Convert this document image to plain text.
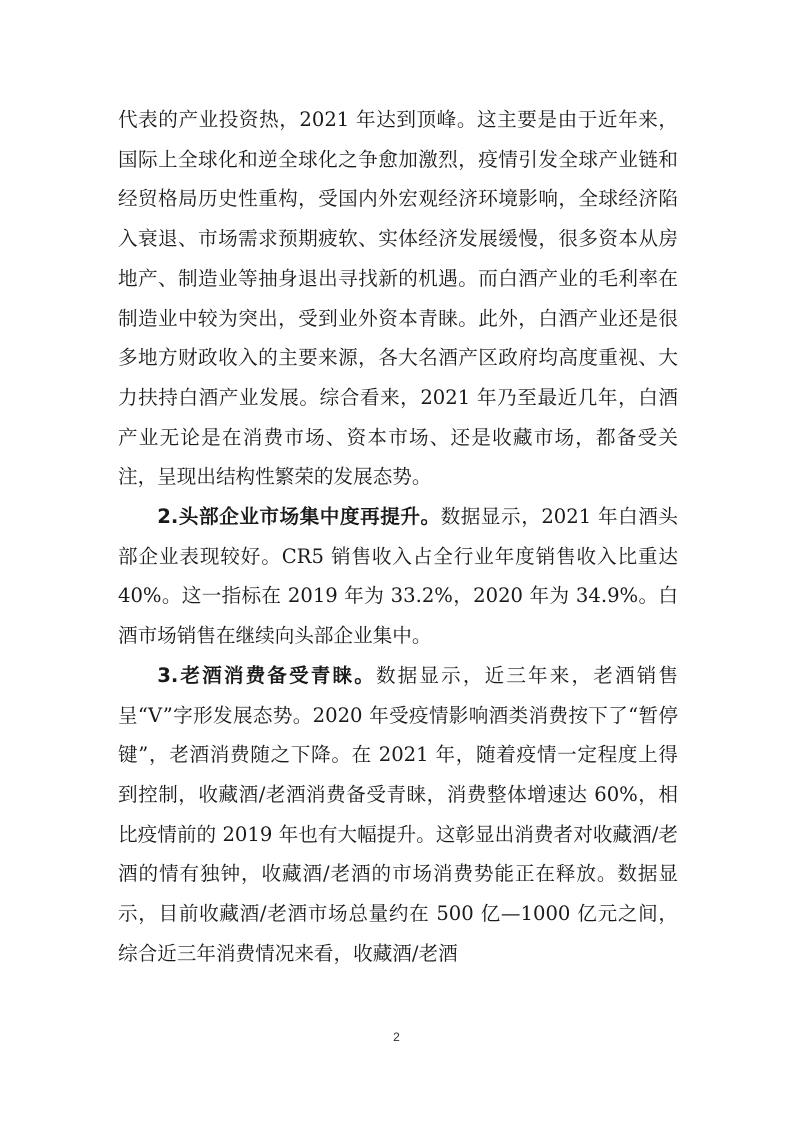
代表的产业投资热，2021 年达到顶峰。这主要是由于近年来，国际上全球化和逆全球化之争愈加激烈，疫情引发全球产业链和经贸格局历史性重构，受国内外宏观经济环境影响，全球经济陷入衰退、市场需求预期疲软、实体经济发展缓慢，很多资本从房地产、制造业等抽身退出寻找新的机遇。而白酒产业的毛利率在制造业中较为突出，受到业外资本青睐。此外，白酒产业还是很多地方财政收入的主要来源，各大名酒产区政府均高度重视、大力扶持白酒产业发展。综合看来，2021 年乃至最近几年，白酒产业无论是在消费市场、资本市场、还是收藏市场，都备受关注，呈现出结构性繁荣的发展态势。

2.头部企业市场集中度再提升。数据显示，2021 年白酒头部企业表现较好。CR5 销售收入占全行业年度销售收入比重达 40%。这一指标在 2019 年为 33.2%，2020 年为 34.9%。白酒市场销售在继续向头部企业集中。

3.老酒消费备受青睐。数据显示，近三年来，老酒销售呈“V”字形发展态势。2020 年受疫情影响酒类消费按下了“暂停键”，老酒消费随之下降。在 2021 年，随着疫情一定程度上得到控制，收藏酒/老酒消费备受青睐，消费整体增速达 60%，相比疫情前的 2019 年也有大幅提升。这彰显出消费者对收藏酒/老酒的情有独钟，收藏酒/老酒的市场消费势能正在释放。数据显示，目前收藏酒/老酒市场总量约在 500 亿—1000 亿元之间，综合近三年消费情况来看，收藏酒/老酒

2
